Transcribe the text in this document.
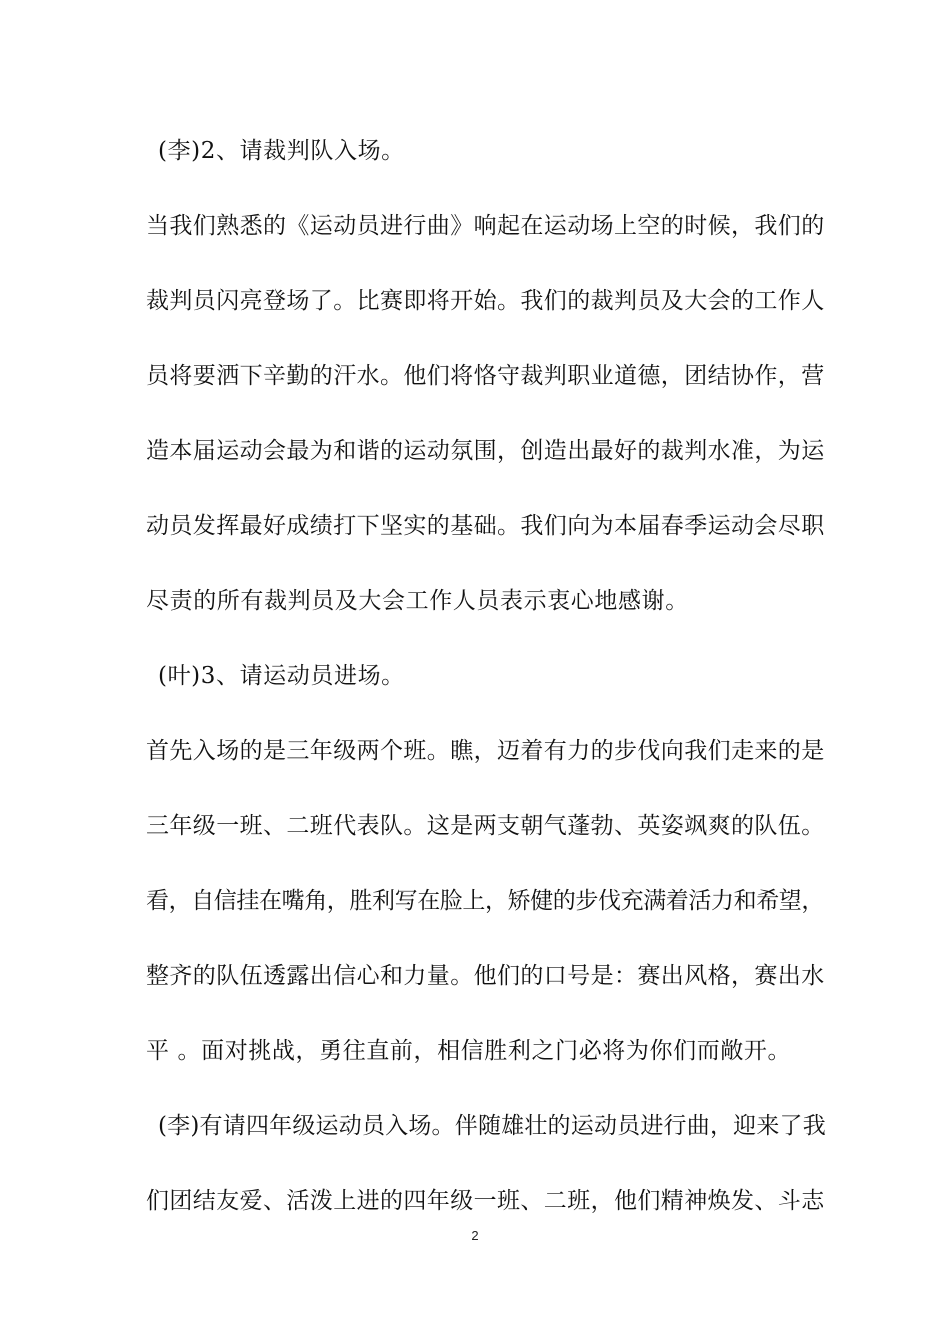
(李)2、请裁判队入场。
当我们熟悉的《运动员进行曲》响起在运动场上空的时候，我们的
裁判员闪亮登场了。比赛即将开始。我们的裁判员及大会的工作人
员将要洒下辛勤的汗水。他们将恪守裁判职业道德，团结协作，营
造本届运动会最为和谐的运动氛围，创造出最好的裁判水准，为运
动员发挥最好成绩打下坚实的基础。我们向为本届春季运动会尽职
尽责的所有裁判员及大会工作人员表示衷心地感谢。
(叶)3、请运动员进场。
首先入场的是三年级两个班。瞧，迈着有力的步伐向我们走来的是
三年级一班、二班代表队。这是两支朝气蓬勃、英姿飒爽的队伍。
看，自信挂在嘴角，胜利写在脸上，矫健的步伐充满着活力和希望，
整齐的队伍透露出信心和力量。他们的口号是：赛出风格，赛出水
平 。面对挑战，勇往直前，相信胜利之门必将为你们而敞开。
(李)有请四年级运动员入场。伴随雄壮的运动员进行曲，迎来了我
们团结友爱、活泼上进的四年级一班、二班，他们精神焕发、斗志
2
